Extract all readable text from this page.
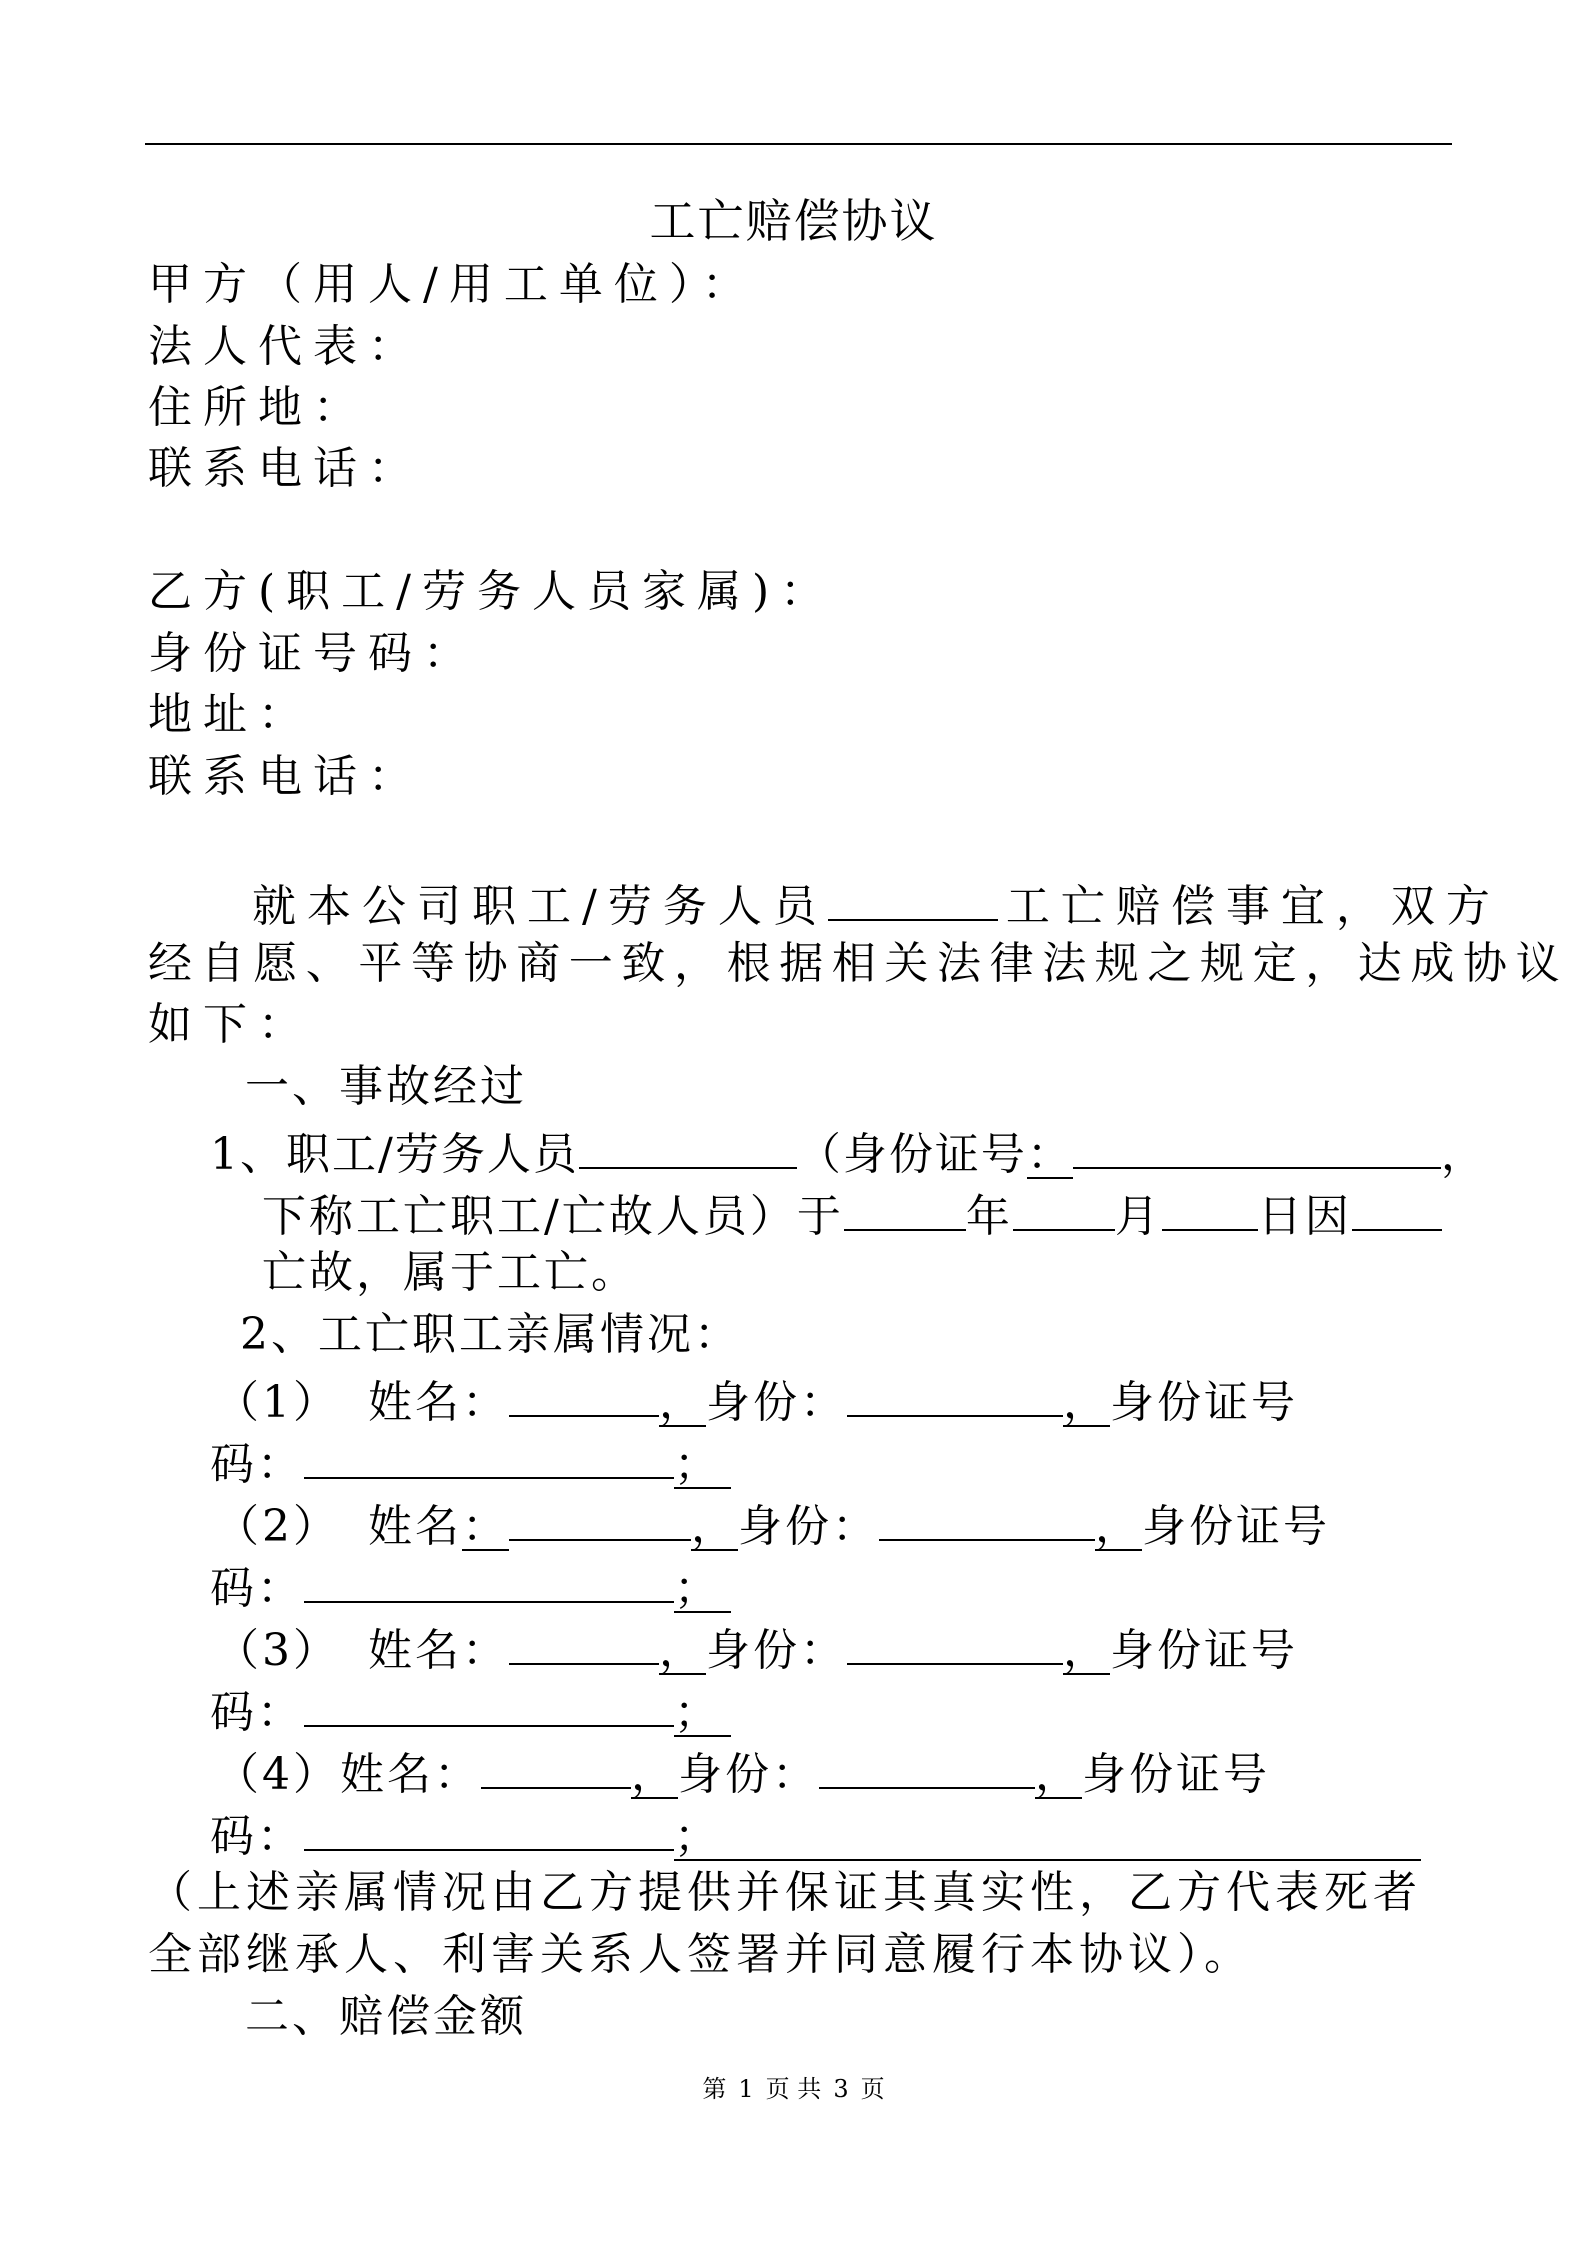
工亡赔偿协议
甲方（用人/用工单位）：
法人代表：
住所地：
联系电话：
乙方(职工/劳务人员家属)：
身份证号码：
地址：
联系电话：
就本公司职工/劳务人员	工亡赔偿事宜，双方
经自愿、平等协商一致，根据相关法律法规之规定，达成协议
如下：
一、事故经过
1、职工/劳务人员	（身份证号：	，
下称工亡职工/亡故人员）于	年 月 日因
亡故，属于工亡。
2、工亡职工亲属情况：
（1） 姓名：	，身份：	，身份证号
码：	；
（2） 姓名：	，身份：	，身份证号
码：	；
（3） 姓名：	，身份：	，身份证号
码：	；
（4）姓名：	，身份：	，身份证号
码：	；
（上述亲属情况由乙方提供并保证其真实性，乙方代表死者
全部继承人、利害关系人签署并同意履行本协议）。
二、赔偿金额
第 1 页 共 3 页
